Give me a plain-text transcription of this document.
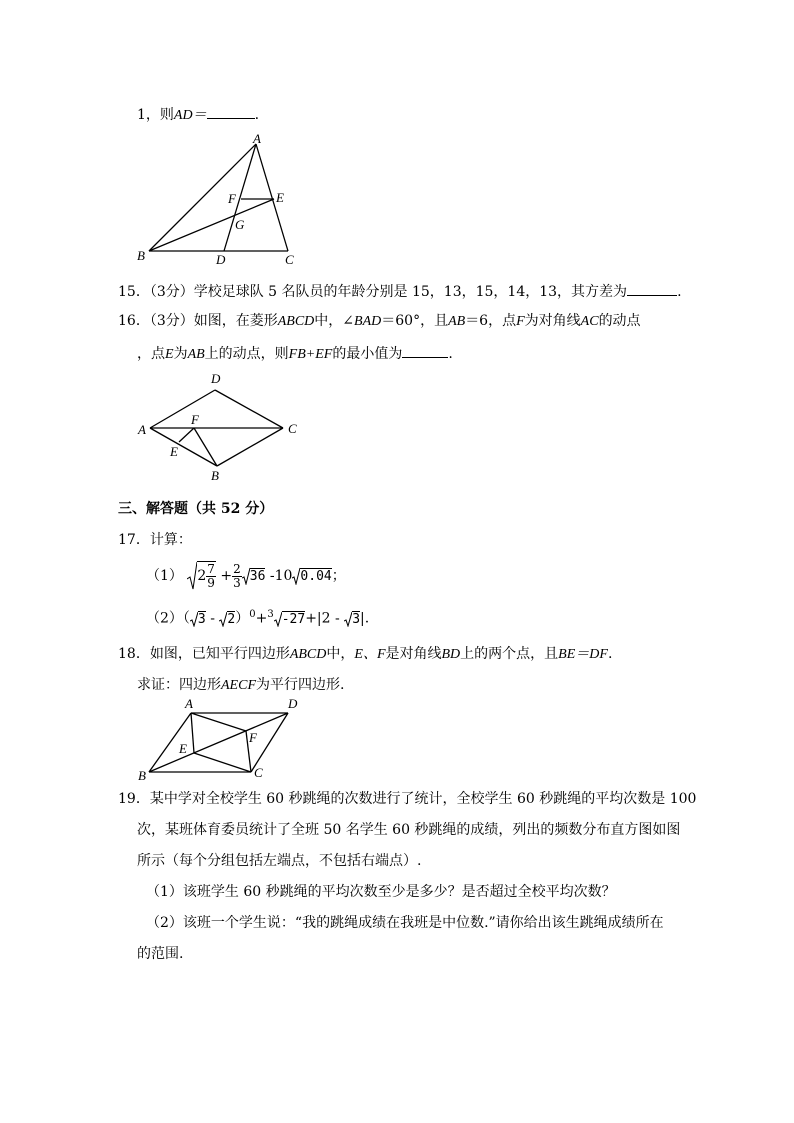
1，则AD＝	.
A
B	C
D
E
F
G
15．（3分）学校足球队 5 名队员的年龄分别是 15，13，15，14，13，其方差为	.
16．（3分）如图，在菱形ABCD中，∠BAD＝60°，且AB＝6，点F为对角线AC的动点
，点E为AB上的动点，则FB+EF的最小值为	.
A
D
C
B
F
E
三、解答题（共 52 分）
17．计算：
（1） $2 \frac{7}{9} + \frac{2}{3} 36$ -10 0.04；
（2）（ 3 - 2）$^0$+$^3$ -27+|2 - 3|.
18．如图，已知平行四边形ABCD中，E、F是对角线BD上的两个点，且BE＝DF.
求证：四边形AECF为平行四边形.
A	D
C
B
E
F
19．某中学对全校学生 60 秒跳绳的次数进行了统计，全校学生 60 秒跳绳的平均次数是 100
次，某班体育委员统计了全班 50 名学生 60 秒跳绳的成绩，列出的频数分布直方图如图
所示（每个分组包括左端点，不包括右端点）.
（1）该班学生 60 秒跳绳的平均次数至少是多少？是否超过全校平均次数？
（2）该班一个学生说：“我的跳绳成绩在我班是中位数.”请你给出该生跳绳成绩所在
的范围.
